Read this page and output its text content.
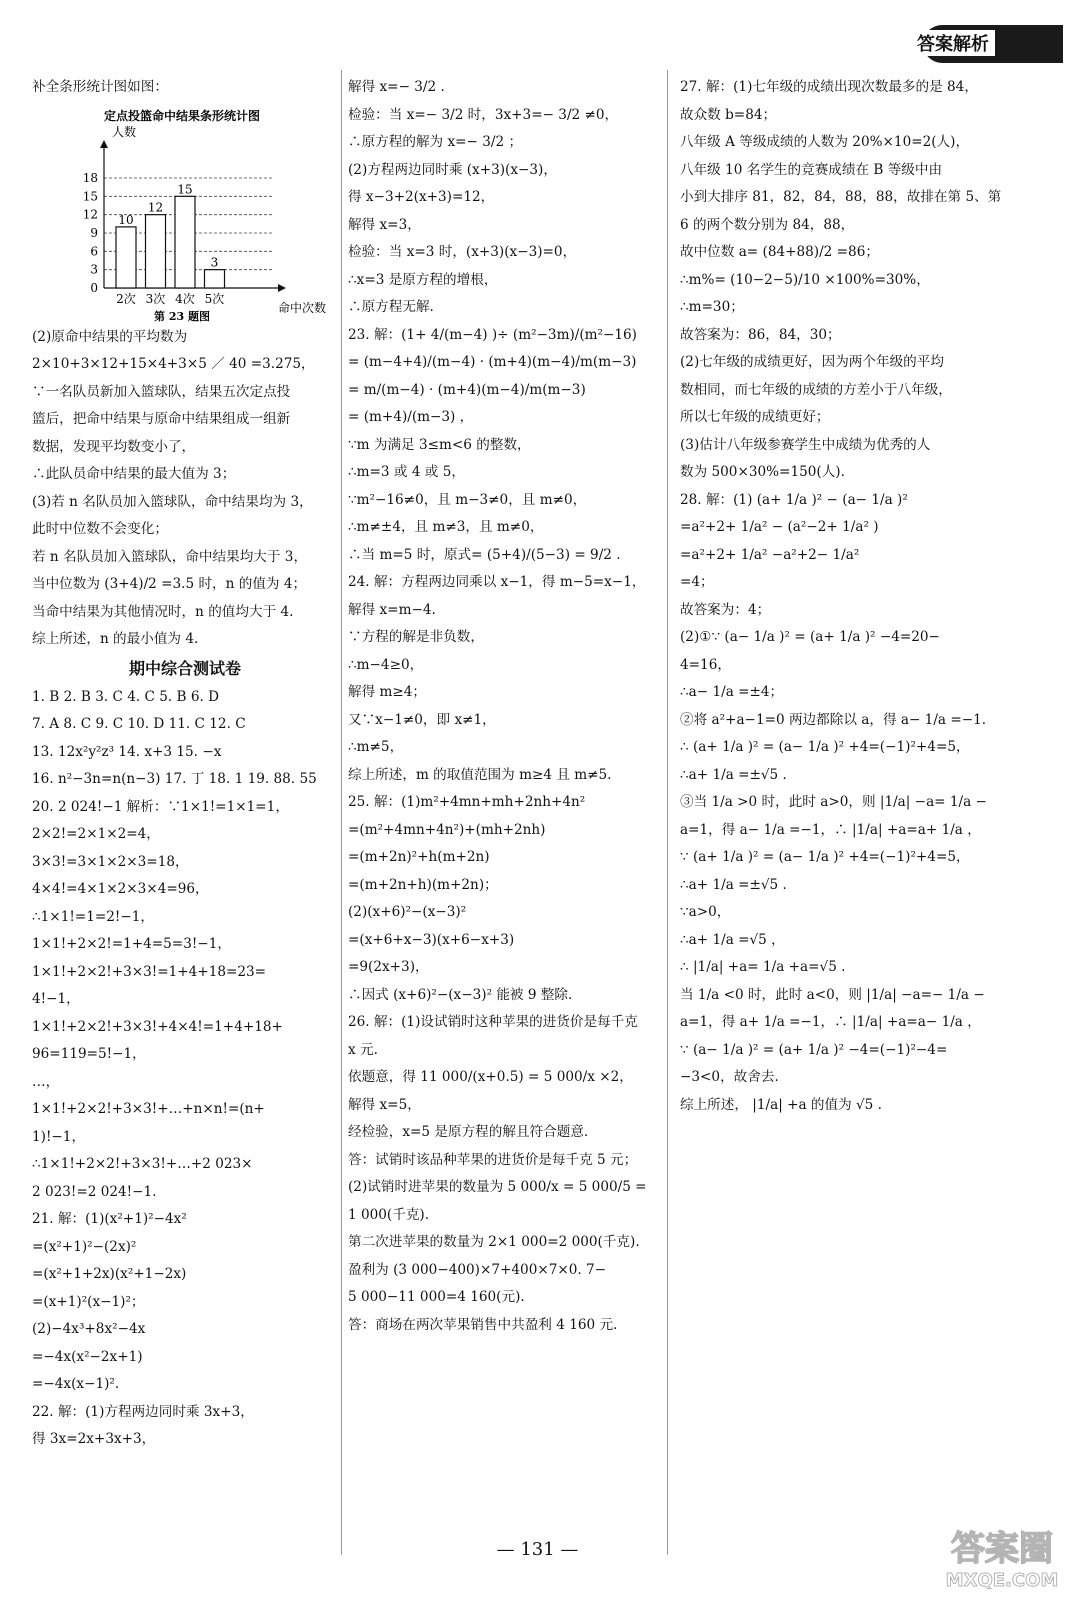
答案解析
补全条形统计图如图：
定点投篮命中结果条形统计图
人数
命中次数
0
3
6
9
12
15
18
10
2次
12
3次
15
4次
3
5次
第 23 题图
(2)原命中结果的平均数为
2×10+3×12+15×4+3×5 ／ 40 =3.275，
∵一名队员新加入篮球队，结果五次定点投
篮后，把命中结果与原命中结果组成一组新
数据，发现平均数变小了，
∴此队员命中结果的最大值为 3；
(3)若 n 名队员加入篮球队，命中结果均为 3，
此时中位数不会变化；
若 n 名队员加入篮球队，命中结果均大于 3，
当中位数为 (3+4)/2 =3.5 时，n 的值为 4；
当命中结果为其他情况时，n 的值均大于 4.
综上所述，n 的最小值为 4.
期中综合测试卷
1. B 2. B 3. C 4. C 5. B 6. D
7. A 8. C 9. C 10. D 11. C 12. C
13. 12x²y²z³ 14. x+3 15. −x
16. n²−3n=n(n−3) 17. 丁 18. 1 19. 88. 55
20. 2 024!−1 解析：∵1×1!=1×1=1，
2×2!=2×1×2=4，
3×3!=3×1×2×3=18，
4×4!=4×1×2×3×4=96，
∴1×1!=1=2!−1，
1×1!+2×2!=1+4=5=3!−1，
1×1!+2×2!+3×3!=1+4+18=23=
4!−1，
1×1!+2×2!+3×3!+4×4!=1+4+18+
96=119=5!−1，
…，
1×1!+2×2!+3×3!+…+n×n!=(n+
1)!−1，
∴1×1!+2×2!+3×3!+…+2 023×
2 023!=2 024!−1.
21. 解：(1)(x²+1)²−4x²
=(x²+1)²−(2x)²
=(x²+1+2x)(x²+1−2x)
=(x+1)²(x−1)²；
(2)−4x³+8x²−4x
=−4x(x²−2x+1)
=−4x(x−1)².
22. 解：(1)方程两边同时乘 3x+3，
得 3x=2x+3x+3，
解得 x=− 3/2 .
检验：当 x=− 3/2 时，3x+3=− 3/2 ≠0，
∴原方程的解为 x=− 3/2 ；
(2)方程两边同时乘 (x+3)(x−3)，
得 x−3+2(x+3)=12，
解得 x=3，
检验：当 x=3 时，(x+3)(x−3)=0，
∴x=3 是原方程的增根，
∴原方程无解.
23. 解：(1+ 4/(m−4) )÷ (m²−3m)/(m²−16)
= (m−4+4)/(m−4) · (m+4)(m−4)/m(m−3)
= m/(m−4) · (m+4)(m−4)/m(m−3)
= (m+4)/(m−3) ，
∵m 为满足 3≤m<6 的整数，
∴m=3 或 4 或 5，
∵m²−16≠0，且 m−3≠0，且 m≠0，
∴m≠±4，且 m≠3，且 m≠0，
∴当 m=5 时，原式= (5+4)/(5−3) = 9/2 .
24. 解：方程两边同乘以 x−1，得 m−5=x−1，
解得 x=m−4.
∵方程的解是非负数，
∴m−4≥0，
解得 m≥4；
又∵x−1≠0，即 x≠1，
∴m≠5，
综上所述，m 的取值范围为 m≥4 且 m≠5.
25. 解：(1)m²+4mn+mh+2nh+4n²
=(m²+4mn+4n²)+(mh+2nh)
=(m+2n)²+h(m+2n)
=(m+2n+h)(m+2n)；
(2)(x+6)²−(x−3)²
=(x+6+x−3)(x+6−x+3)
=9(2x+3)，
∴因式 (x+6)²−(x−3)² 能被 9 整除.
26. 解：(1)设试销时这种苹果的进货价是每千克
x 元.
依题意，得 11 000/(x+0.5) = 5 000/x ×2，
解得 x=5，
经检验，x=5 是原方程的解且符合题意.
答：试销时该品种苹果的进货价是每千克 5 元；
(2)试销时进苹果的数量为 5 000/x = 5 000/5 =
1 000(千克).
第二次进苹果的数量为 2×1 000=2 000(千克).
盈利为 (3 000−400)×7+400×7×0. 7−
5 000−11 000=4 160(元).
答：商场在两次苹果销售中共盈利 4 160 元.
27. 解：(1)七年级的成绩出现次数最多的是 84，
故众数 b=84；
八年级 A 等级成绩的人数为 20%×10=2(人)，
八年级 10 名学生的竞赛成绩在 B 等级中由
小到大排序 81，82，84，88，88，故排在第 5、第
6 的两个数分别为 84，88，
故中位数 a= (84+88)/2 =86；
∴m%= (10−2−5)/10 ×100%=30%，
∴m=30；
故答案为：86，84，30；
(2)七年级的成绩更好，因为两个年级的平均
数相同，而七年级的成绩的方差小于八年级，
所以七年级的成绩更好；
(3)估计八年级参赛学生中成绩为优秀的人
数为 500×30%=150(人).
28. 解：(1) (a+ 1/a )² − (a− 1/a )²
=a²+2+ 1/a² − (a²−2+ 1/a² )
=a²+2+ 1/a² −a²+2− 1/a²
=4；
故答案为：4；
(2)①∵ (a− 1/a )² = (a+ 1/a )² −4=20−
4=16，
∴a− 1/a =±4；
②将 a²+a−1=0 两边都除以 a，得 a− 1/a =−1.
∴ (a+ 1/a )² = (a− 1/a )² +4=(−1)²+4=5，
∴a+ 1/a =±√5 .
③当 1/a >0 时，此时 a>0，则 |1/a| −a= 1/a −
a=1，得 a− 1/a =−1，∴ |1/a| +a=a+ 1/a ，
∵ (a+ 1/a )² = (a− 1/a )² +4=(−1)²+4=5，
∴a+ 1/a =±√5 .
∵a>0，
∴a+ 1/a =√5 ，
∴ |1/a| +a= 1/a +a=√5 .
当 1/a <0 时，此时 a<0，则 |1/a| −a=− 1/a −
a=1，得 a+ 1/a =−1，∴ |1/a| +a=a− 1/a ，
∵ (a− 1/a )² = (a+ 1/a )² −4=(−1)²−4=
−3<0，故舍去.
综上所述， |1/a| +a 的值为 √5 .
— 131 —	答案圈
MXQE.COM
